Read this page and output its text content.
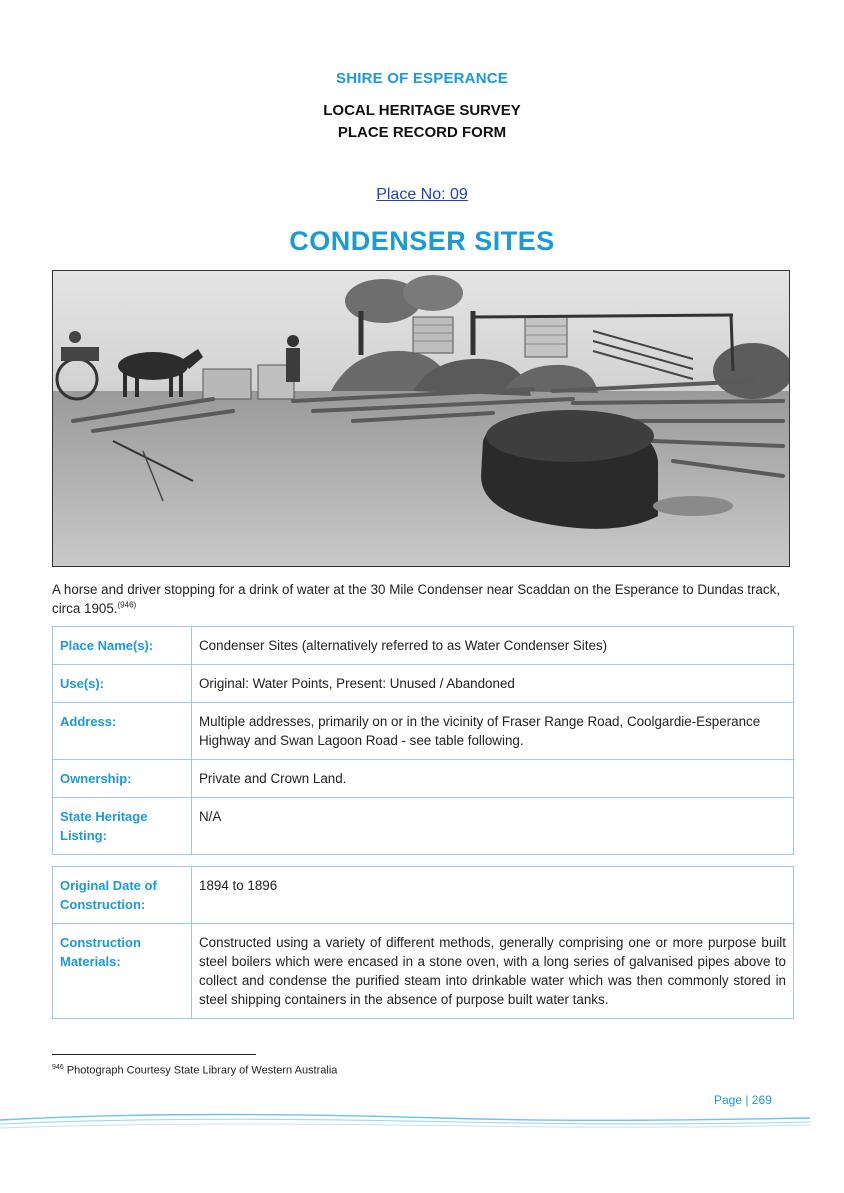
SHIRE OF ESPERANCE
LOCAL HERITAGE SURVEY
PLACE RECORD FORM
Place No: 09
CONDENSER SITES
A horse and driver stopping for a drink of water at the 30 Mile Condenser near Scaddan on the Esperance to Dundas track, circa 1905.$^{(946)}$
Place Name(s):	Condenser Sites (alternatively referred to as Water Condenser Sites)
Use(s):	Original: Water Points, Present: Unused / Abandoned
Address:	Multiple addresses, primarily on or in the vicinity of Fraser Range Road, Coolgardie-Esperance Highway and Swan Lagoon Road - see table following.
Ownership:	Private and Crown Land.
State Heritage Listing:	N/A
Original Date of Construction:	1894 to 1896
Construction Materials:	Constructed using a variety of different methods, generally comprising one or more purpose built steel boilers which were encased in a stone oven, with a long series of galvanised pipes above to collect and condense the purified steam into drinkable water which was then commonly stored in steel shipping containers in the absence of purpose built water tanks.
$^{946}$ Photograph Courtesy State Library of Western Australia
Page | 269
